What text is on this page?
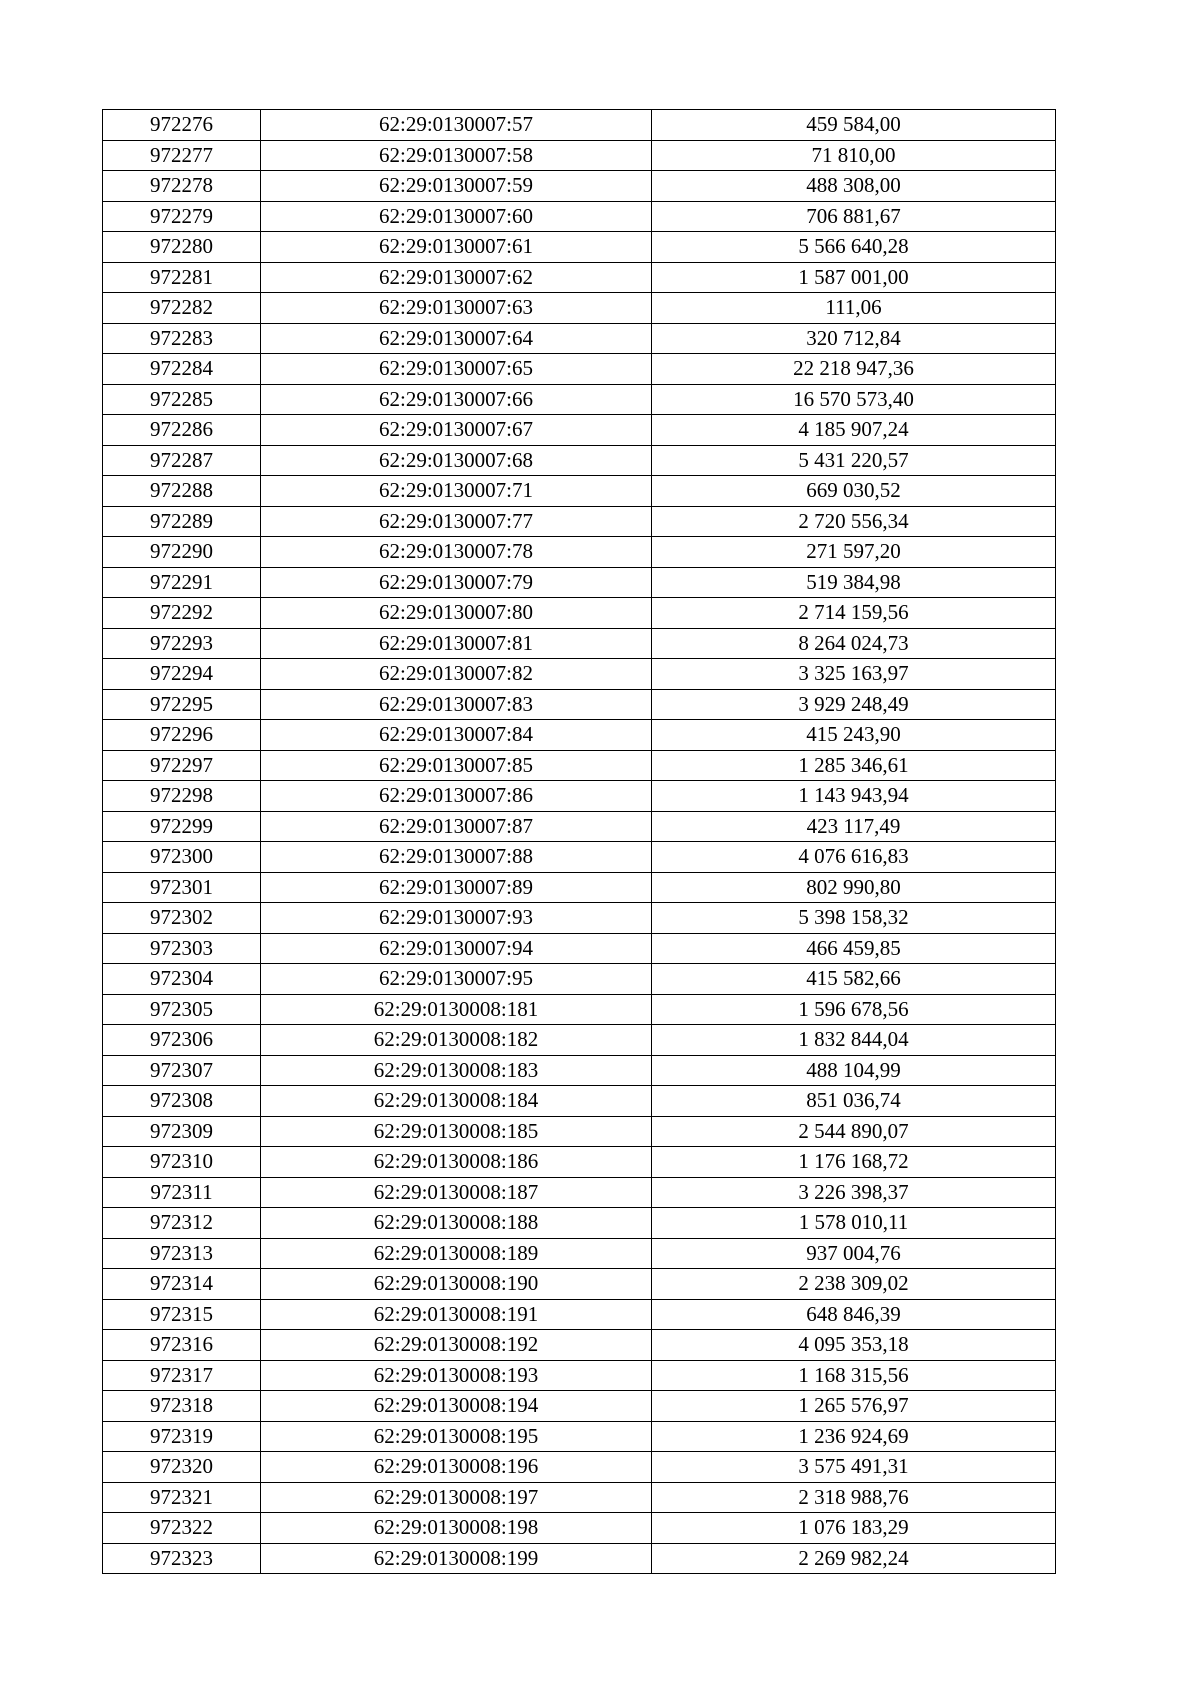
972276	62:29:0130007:57	459 584,00
972277	62:29:0130007:58	71 810,00
972278	62:29:0130007:59	488 308,00
972279	62:29:0130007:60	706 881,67
972280	62:29:0130007:61	5 566 640,28
972281	62:29:0130007:62	1 587 001,00
972282	62:29:0130007:63	111,06
972283	62:29:0130007:64	320 712,84
972284	62:29:0130007:65	22 218 947,36
972285	62:29:0130007:66	16 570 573,40
972286	62:29:0130007:67	4 185 907,24
972287	62:29:0130007:68	5 431 220,57
972288	62:29:0130007:71	669 030,52
972289	62:29:0130007:77	2 720 556,34
972290	62:29:0130007:78	271 597,20
972291	62:29:0130007:79	519 384,98
972292	62:29:0130007:80	2 714 159,56
972293	62:29:0130007:81	8 264 024,73
972294	62:29:0130007:82	3 325 163,97
972295	62:29:0130007:83	3 929 248,49
972296	62:29:0130007:84	415 243,90
972297	62:29:0130007:85	1 285 346,61
972298	62:29:0130007:86	1 143 943,94
972299	62:29:0130007:87	423 117,49
972300	62:29:0130007:88	4 076 616,83
972301	62:29:0130007:89	802 990,80
972302	62:29:0130007:93	5 398 158,32
972303	62:29:0130007:94	466 459,85
972304	62:29:0130007:95	415 582,66
972305	62:29:0130008:181	1 596 678,56
972306	62:29:0130008:182	1 832 844,04
972307	62:29:0130008:183	488 104,99
972308	62:29:0130008:184	851 036,74
972309	62:29:0130008:185	2 544 890,07
972310	62:29:0130008:186	1 176 168,72
972311	62:29:0130008:187	3 226 398,37
972312	62:29:0130008:188	1 578 010,11
972313	62:29:0130008:189	937 004,76
972314	62:29:0130008:190	2 238 309,02
972315	62:29:0130008:191	648 846,39
972316	62:29:0130008:192	4 095 353,18
972317	62:29:0130008:193	1 168 315,56
972318	62:29:0130008:194	1 265 576,97
972319	62:29:0130008:195	1 236 924,69
972320	62:29:0130008:196	3 575 491,31
972321	62:29:0130008:197	2 318 988,76
972322	62:29:0130008:198	1 076 183,29
972323	62:29:0130008:199	2 269 982,24
